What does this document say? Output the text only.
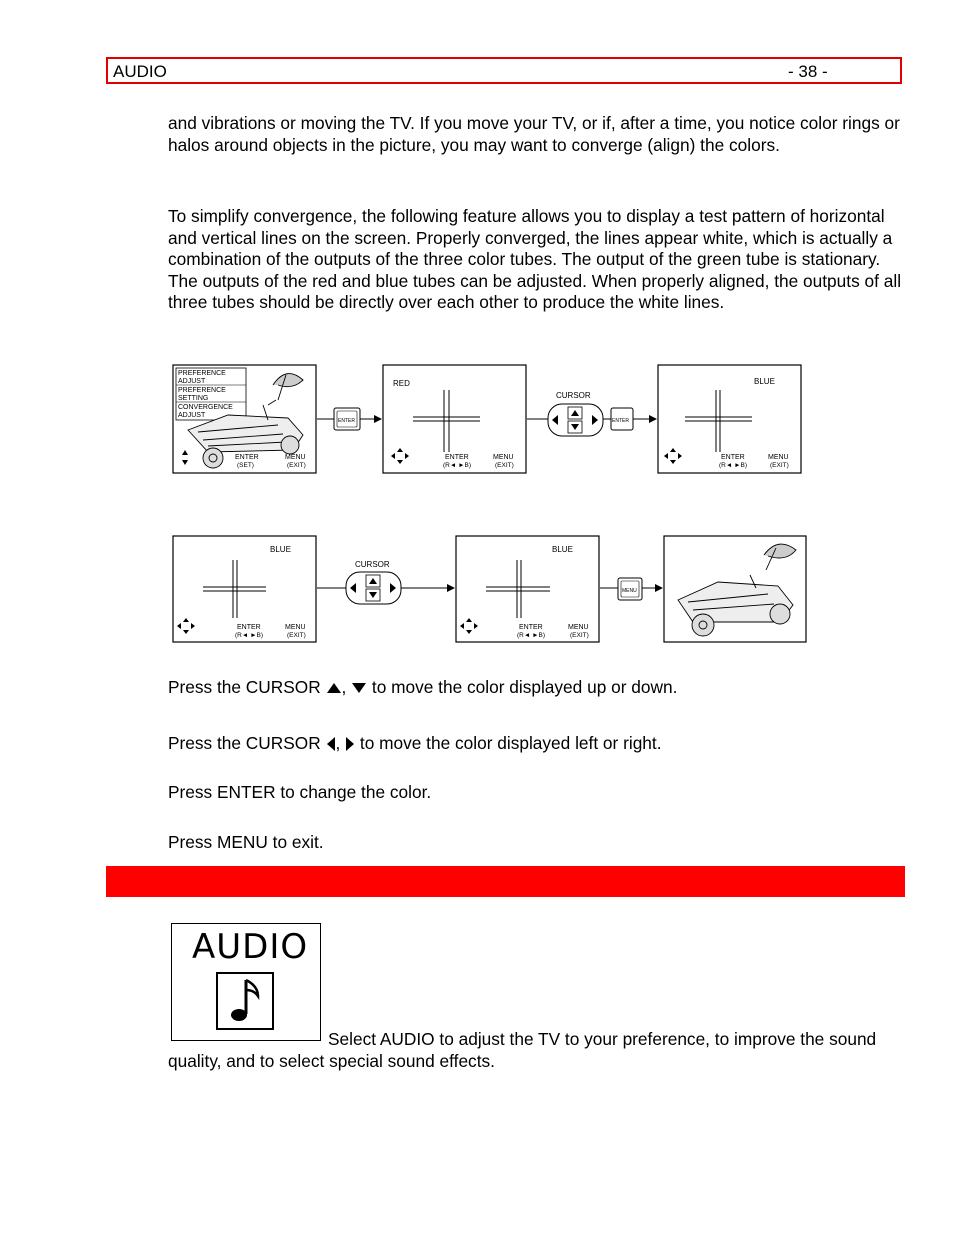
AUDIO	- 38 -

and vibrations or moving the TV. If you move your TV, or if, after a time, you notice color rings or halos around objects in the picture, you may want to converge (align) the colors.

To simplify convergence, the following feature allows you to display a test pattern of horizontal and vertical lines on the screen. Properly converged, the lines appear white, which is actually a combination of the outputs of the three color tubes. The output of the green tube is stationary. The outputs of the red and blue tubes can be adjusted. When properly aligned, the outputs of all three tubes should be directly over each other to produce the white lines.

PREFERENCE
ADJUST
PREFERENCE
SETTING
CONVERGENCE
ADJUST
ENTER
(SET)
MENU
(EXIT)
ENTER
RED
ENTER
(R◄ ►B)
MENU
(EXIT)
CURSOR
ENTER
BLUE
ENTER
(R◄ ►B)
MENU
(EXIT)
BLUE
ENTER
(R◄ ►B)
MENU
(EXIT)
CURSOR
BLUE
ENTER
(R◄ ►B)
MENU
(EXIT)
MENU

Press the CURSOR ,  to move the color displayed up or down.

Press the CURSOR ,  to move the color displayed left or right.

Press ENTER to change the color.

Press MENU to exit.

AUDIO

Select AUDIO to adjust the TV to your preference, to improve the sound quality, and to select special sound effects.
